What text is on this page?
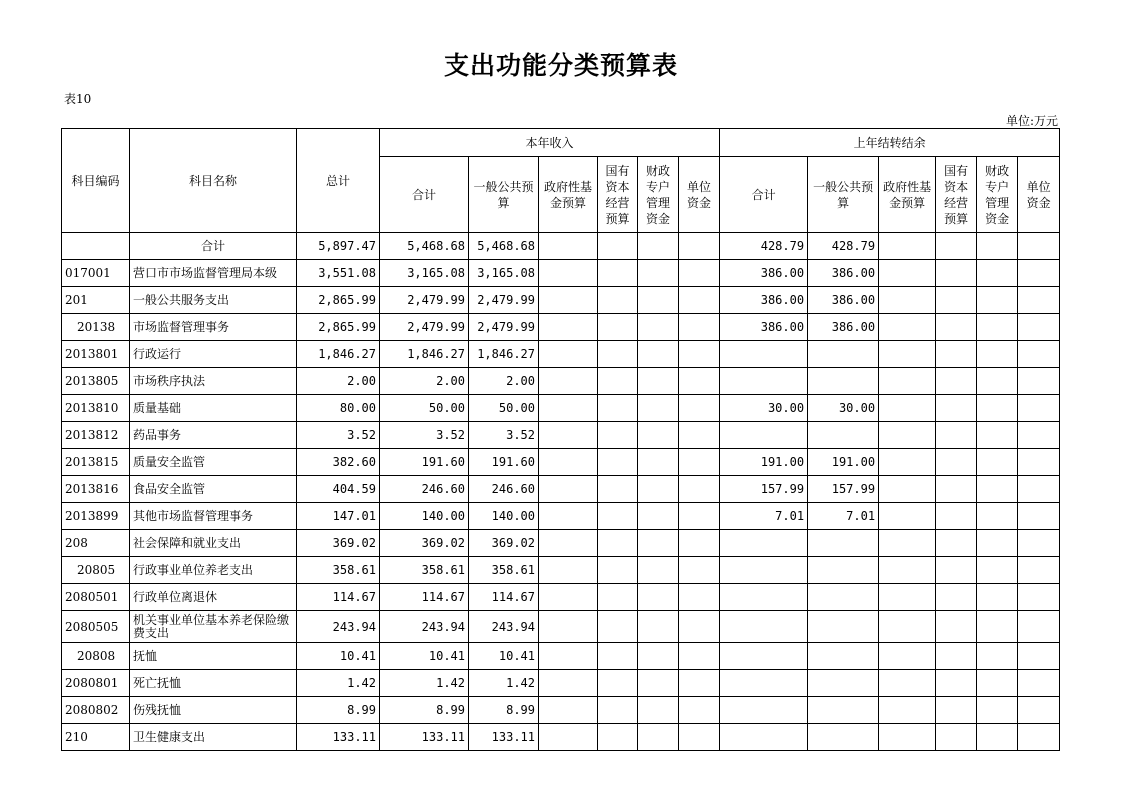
支出功能分类预算表
表10
单位:万元
科目编码	科目名称	总计	本年收入						上年结转结余					
			合计	一般公共预算	政府性基金预算	国有资本经营预算	财政专户管理资金	单位资金	合计	一般公共预算	政府性基金预算	国有资本经营预算	财政专户管理资金	单位资金
	合计	5,897.47	5,468.68	5,468.68					428.79	428.79				
017001	营口市市场监督管理局本级	3,551.08	3,165.08	3,165.08					386.00	386.00				
201	一般公共服务支出	2,865.99	2,479.99	2,479.99					386.00	386.00				
20138	市场监督管理事务	2,865.99	2,479.99	2,479.99					386.00	386.00				
2013801	行政运行	1,846.27	1,846.27	1,846.27										
2013805	市场秩序执法	2.00	2.00	2.00										
2013810	质量基础	80.00	50.00	50.00					30.00	30.00				
2013812	药品事务	3.52	3.52	3.52										
2013815	质量安全监管	382.60	191.60	191.60					191.00	191.00				
2013816	食品安全监管	404.59	246.60	246.60					157.99	157.99				
2013899	其他市场监督管理事务	147.01	140.00	140.00					7.01	7.01				
208	社会保障和就业支出	369.02	369.02	369.02										
20805	行政事业单位养老支出	358.61	358.61	358.61										
2080501	行政单位离退休	114.67	114.67	114.67										
2080505	机关事业单位基本养老保险缴费支出	243.94	243.94	243.94										
20808	抚恤	10.41	10.41	10.41										
2080801	死亡抚恤	1.42	1.42	1.42										
2080802	伤残抚恤	8.99	8.99	8.99										
210	卫生健康支出	133.11	133.11	133.11										
